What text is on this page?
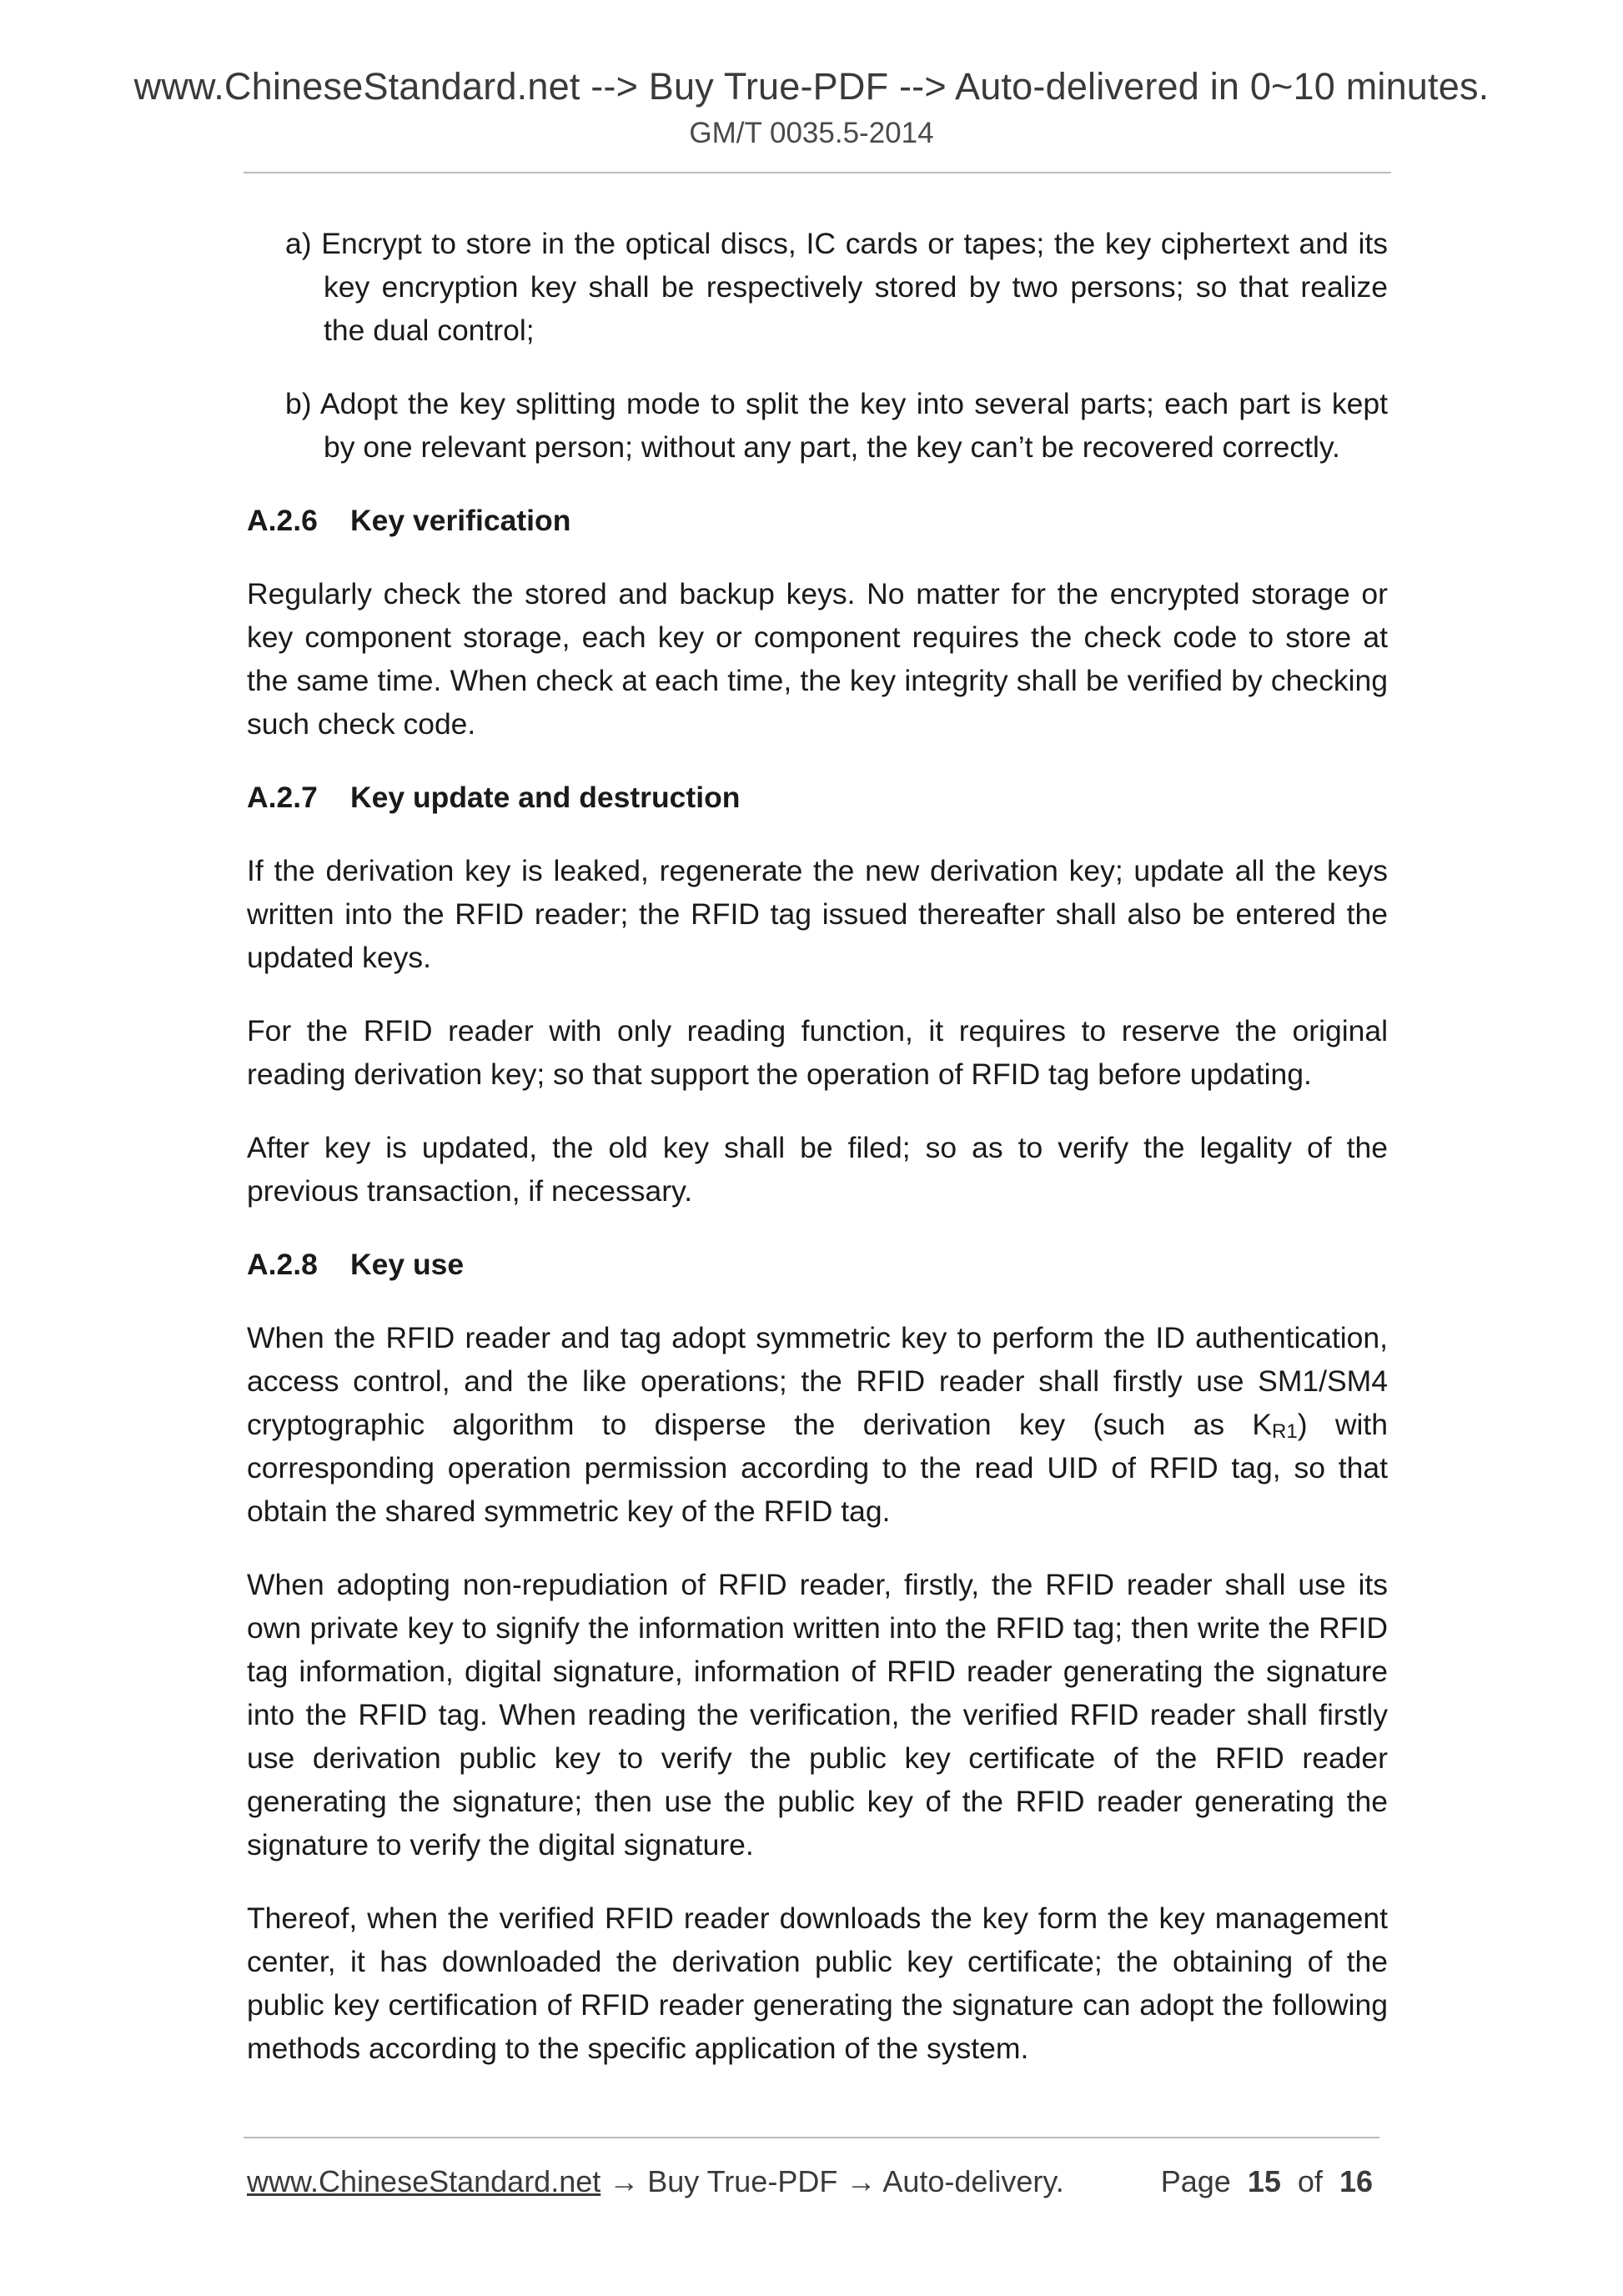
www.ChineseStandard.net --> Buy True-PDF --> Auto-delivered in 0~10 minutes.
GM/T 0035.5-2014
a) Encrypt to store in the optical discs, IC cards or tapes; the key ciphertext and its key encryption key shall be respectively stored by two persons; so that realize the dual control;
b) Adopt the key splitting mode to split the key into several parts; each part is kept by one relevant person; without any part, the key can’t be recovered correctly.
A.2.6 Key verification

Regularly check the stored and backup keys. No matter for the encrypted storage or key component storage, each key or component requires the check code to store at the same time. When check at each time, the key integrity shall be verified by checking such check code.

A.2.7 Key update and destruction

If the derivation key is leaked, regenerate the new derivation key; update all the keys written into the RFID reader; the RFID tag issued thereafter shall also be entered the updated keys.

For the RFID reader with only reading function, it requires to reserve the original reading derivation key; so that support the operation of RFID tag before updating.

After key is updated, the old key shall be filed; so as to verify the legality of the previous transaction, if necessary.

A.2.8 Key use

When the RFID reader and tag adopt symmetric key to perform the ID authentication, access control, and the like operations; the RFID reader shall firstly use SM1/SM4 cryptographic algorithm to disperse the derivation key (such as $K_{R1}$) with corresponding operation permission according to the read UID of RFID tag, so that obtain the shared symmetric key of the RFID tag.

When adopting non-repudiation of RFID reader, firstly, the RFID reader shall use its own private key to signify the information written into the RFID tag; then write the RFID tag information, digital signature, information of RFID reader generating the signature into the RFID tag. When reading the verification, the verified RFID reader shall firstly use derivation public key to verify the public key certificate of the RFID reader generating the signature; then use the public key of the RFID reader generating the signature to verify the digital signature.

Thereof, when the verified RFID reader downloads the key form the key management center, it has downloaded the derivation public key certificate; the obtaining of the public key certification of RFID reader generating the signature can adopt the following methods according to the specific application of the system.

www.ChineseStandard.net → Buy True-PDF → Auto-delivery.	Page 15 of 16
